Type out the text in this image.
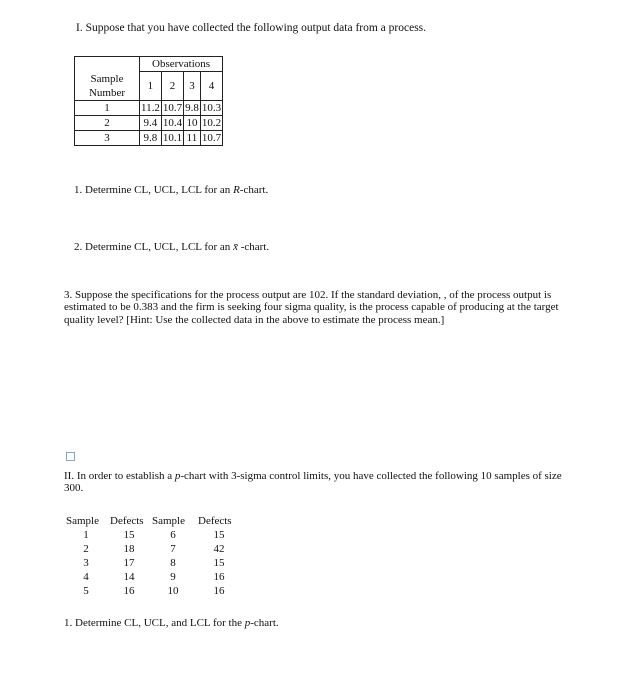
I. Suppose that you have collected the following output data from a process.
	Observations			

Sample
Number	1	2	3	4

1	11.2	10.7	9.8	10.3
2	9.4	10.4	10	10.2
3	9.8	10.1	11	10.7
1. Determine CL, UCL, LCL for an R-chart.
2. Determine CL, UCL, LCL for an x̄ -chart.
3. Suppose the specifications for the process output are 102. If the standard deviation, , of the process output is estimated to be 0.383 and the firm is seeking four sigma quality, is the process capable of producing at the target quality level? [Hint: Use the collected data in the above to estimate the process mean.]
II. In order to establish a p-chart with 3-sigma control limits, you have collected the following 10 samples of size 300.
Sample	Defects	Sample	Defects
1	15	6	15
2	18	7	42
3	17	8	15
4	14	9	16
5	16	10	16
1. Determine CL, UCL, and LCL for the p-chart.
